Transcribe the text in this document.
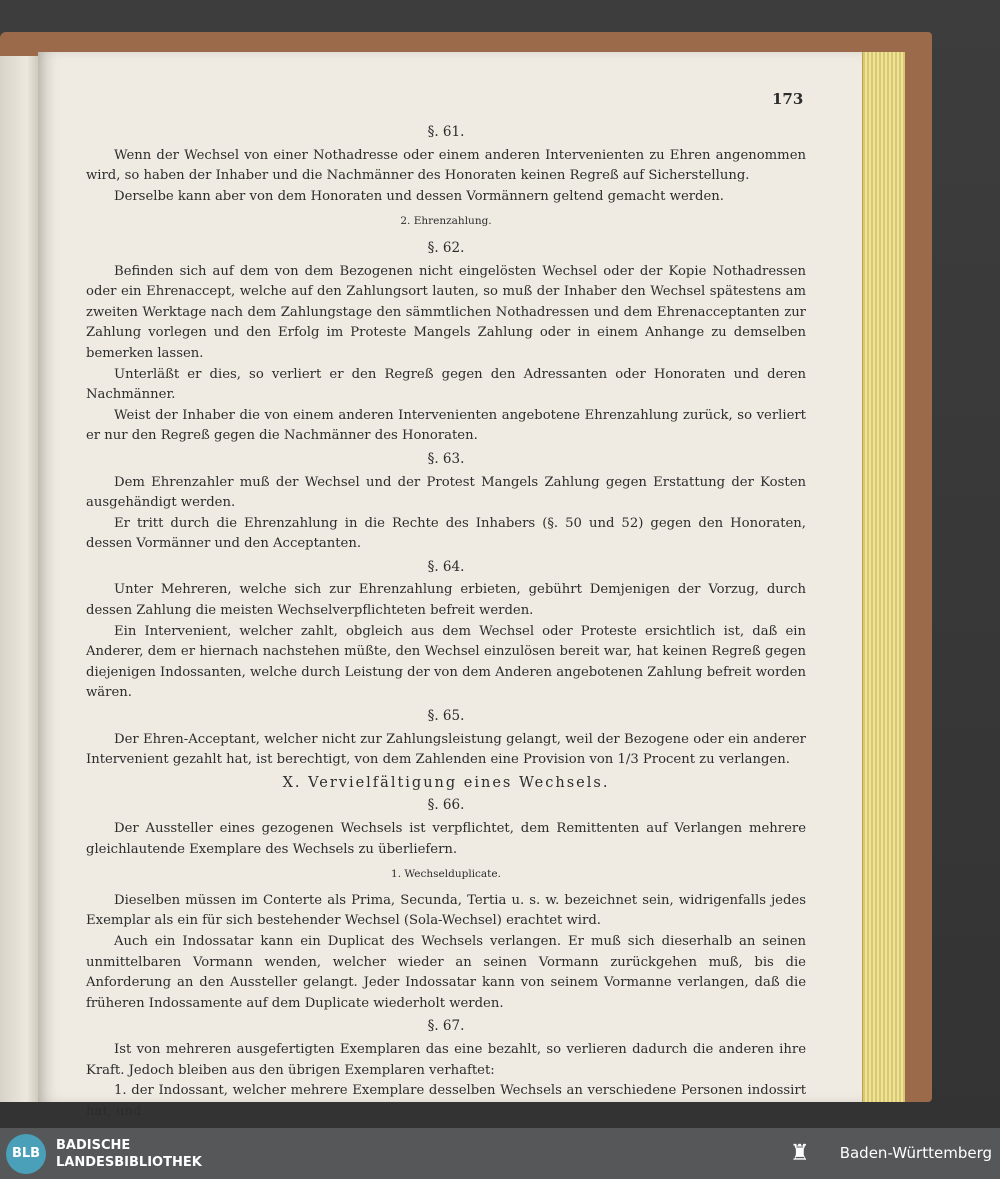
173
§. 61.
Wenn der Wechsel von einer Nothadresse oder einem anderen Intervenienten zu Ehren angenommen wird, so haben der Inhaber und die Nachmänner des Honoraten keinen Regreß auf Sicherstellung.
Derselbe kann aber von dem Honoraten und dessen Vormännern geltend gemacht werden.
2. Ehrenzahlung.
§. 62.
Befinden sich auf dem von dem Bezogenen nicht eingelösten Wechsel oder der Kopie Nothadressen oder ein Ehrenaccept, welche auf den Zahlungsort lauten, so muß der Inhaber den Wechsel spätestens am zweiten Werktage nach dem Zahlungstage den sämmtlichen Nothadressen und dem Ehrenacceptanten zur Zahlung vorlegen und den Erfolg im Proteste Mangels Zahlung oder in einem Anhange zu demselben bemerken lassen.
Unterläßt er dies, so verliert er den Regreß gegen den Adressanten oder Honoraten und deren Nachmänner.
Weist der Inhaber die von einem anderen Intervenienten angebotene Ehrenzahlung zurück, so verliert er nur den Regreß gegen die Nachmänner des Honoraten.
§. 63.
Dem Ehrenzahler muß der Wechsel und der Protest Mangels Zahlung gegen Erstattung der Kosten ausgehändigt werden.
Er tritt durch die Ehrenzahlung in die Rechte des Inhabers (§. 50 und 52) gegen den Honoraten, dessen Vormänner und den Acceptanten.
§. 64.
Unter Mehreren, welche sich zur Ehrenzahlung erbieten, gebührt Demjenigen der Vorzug, durch dessen Zahlung die meisten Wechselverpflichteten befreit werden.
Ein Intervenient, welcher zahlt, obgleich aus dem Wechsel oder Proteste ersichtlich ist, daß ein Anderer, dem er hiernach nachstehen müßte, den Wechsel einzulösen bereit war, hat keinen Regreß gegen diejenigen Indossanten, welche durch Leistung der von dem Anderen angebotenen Zahlung befreit worden wären.
§. 65.
Der Ehren-Acceptant, welcher nicht zur Zahlungsleistung gelangt, weil der Bezogene oder ein anderer Intervenient gezahlt hat, ist berechtigt, von dem Zahlenden eine Provision von 1/3 Procent zu verlangen.
X. Vervielfältigung eines Wechsels.
§. 66.
Der Aussteller eines gezogenen Wechsels ist verpflichtet, dem Remittenten auf Verlangen mehrere gleichlautende Exemplare des Wechsels zu überliefern.
1. Wechselduplicate.
Dieselben müssen im Conterte als Prima, Secunda, Tertia u. s. w. bezeichnet sein, widrigenfalls jedes Exemplar als ein für sich bestehender Wechsel (Sola-Wechsel) erachtet wird.
Auch ein Indossatar kann ein Duplicat des Wechsels verlangen. Er muß sich dieserhalb an seinen unmittelbaren Vormann wenden, welcher wieder an seinen Vormann zurückgehen muß, bis die Anforderung an den Aussteller gelangt. Jeder Indossatar kann von seinem Vormanne verlangen, daß die früheren Indossamente auf dem Duplicate wiederholt werden.
§. 67.
Ist von mehreren ausgefertigten Exemplaren das eine bezahlt, so verlieren dadurch die anderen ihre Kraft. Jedoch bleiben aus den übrigen Exemplaren verhaftet:
1. der Indossant, welcher mehrere Exemplare desselben Wechsels an verschiedene Personen indossirt hat, und
BLB
BADISCHE
LANDESBIBLIOTHEK	♜	Baden-Württemberg
